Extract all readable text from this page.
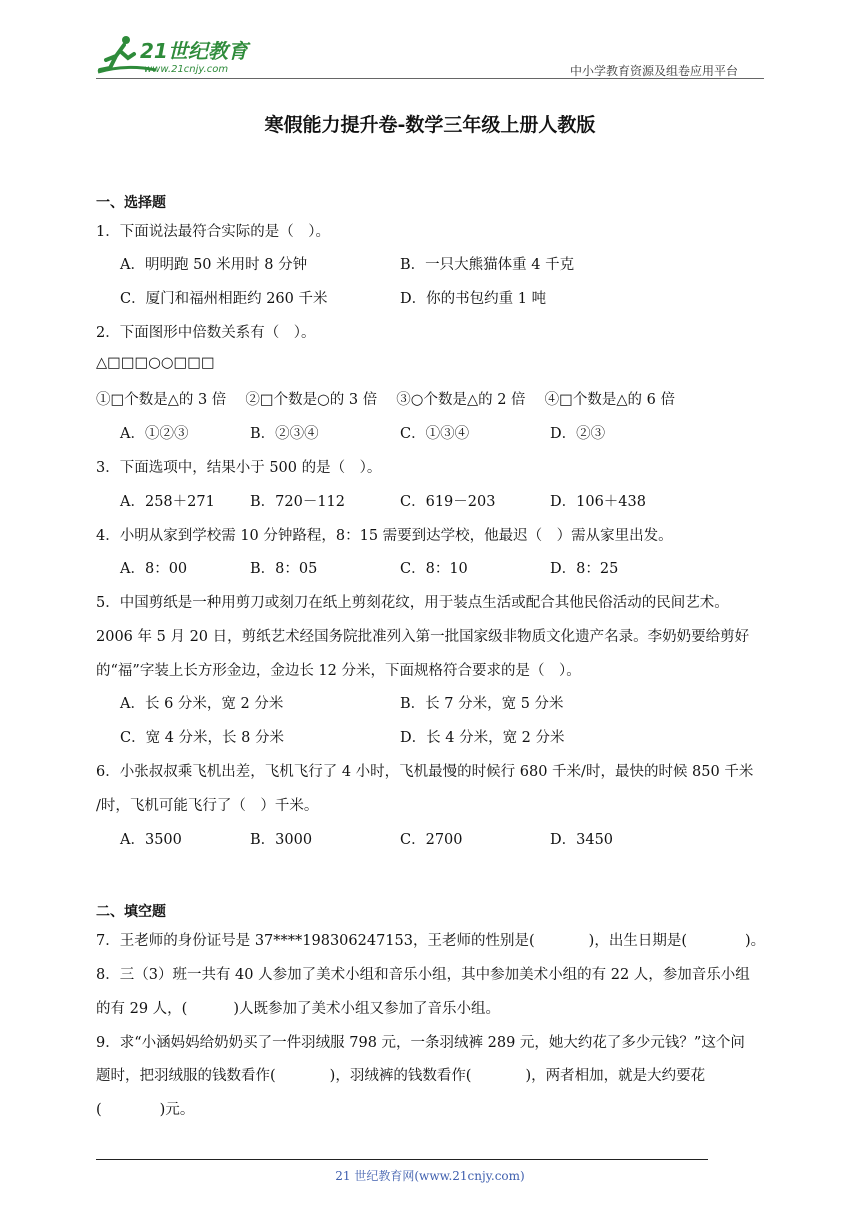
21世纪教育
www.21cnjy.com	中小学教育资源及组卷应用平台
寒假能力提升卷-数学三年级上册人教版
一、选择题
1．下面说法最符合实际的是（　）。
A．明明跑 50 米用时 8 分钟	B．一只大熊猫体重 4 千克
C．厦门和福州相距约 260 千米	D．你的书包约重 1 吨
2．下面图形中倍数关系有（　）。
△□□□○○□□□
①□个数是△的 3 倍　 ②□个数是○的 3 倍　 ③○个数是△的 2 倍　 ④□个数是△的 6 倍
A．①②③	B．②③④	C．①③④	D．②③
3．下面选项中，结果小于 500 的是（　）。
A．258＋271 B．720－112	C．619－203	D．106＋438
4．小明从家到学校需 10 分钟路程，8：15 需要到达学校，他最迟（　）需从家里出发。
A．8：00	B．8：05	C．8：10	D．8：25
5．中国剪纸是一种用剪刀或刻刀在纸上剪刻花纹，用于装点生活或配合其他民俗活动的民间艺术。
2006 年 5 月 20 日，剪纸艺术经国务院批准列入第一批国家级非物质文化遗产名录。李奶奶要给剪好
的“福”字装上长方形金边，金边长 12 分米，下面规格符合要求的是（　）。
A．长 6 分米，宽 2 分米	B．长 7 分米，宽 5 分米
C．宽 4 分米，长 8 分米	D．长 4 分米，宽 2 分米
6．小张叔叔乘飞机出差，飞机飞行了 4 小时，飞机最慢的时候行 680 千米/时，最快的时候 850 千米
/时，飞机可能飞行了（　）千米。
A．3500	B．3000	C．2700	D．3450
二、填空题
7．王老师的身份证号是 37****198306247153，王老师的性别是(	)，出生日期是(	)。
8．三（3）班一共有 40 人参加了美术小组和音乐小组，其中参加美术小组的有 22 人，参加音乐小组
的有 29 人，(	)人既参加了美术小组又参加了音乐小组。
9．求“小涵妈妈给奶奶买了一件羽绒服 798 元，一条羽绒裤 289 元，她大约花了多少元钱？”这个问
题时，把羽绒服的钱数看作(	)，羽绒裤的钱数看作(	)，两者相加，就是大约要花
(	)元。
21 世纪教育网(www.21cnjy.com)
